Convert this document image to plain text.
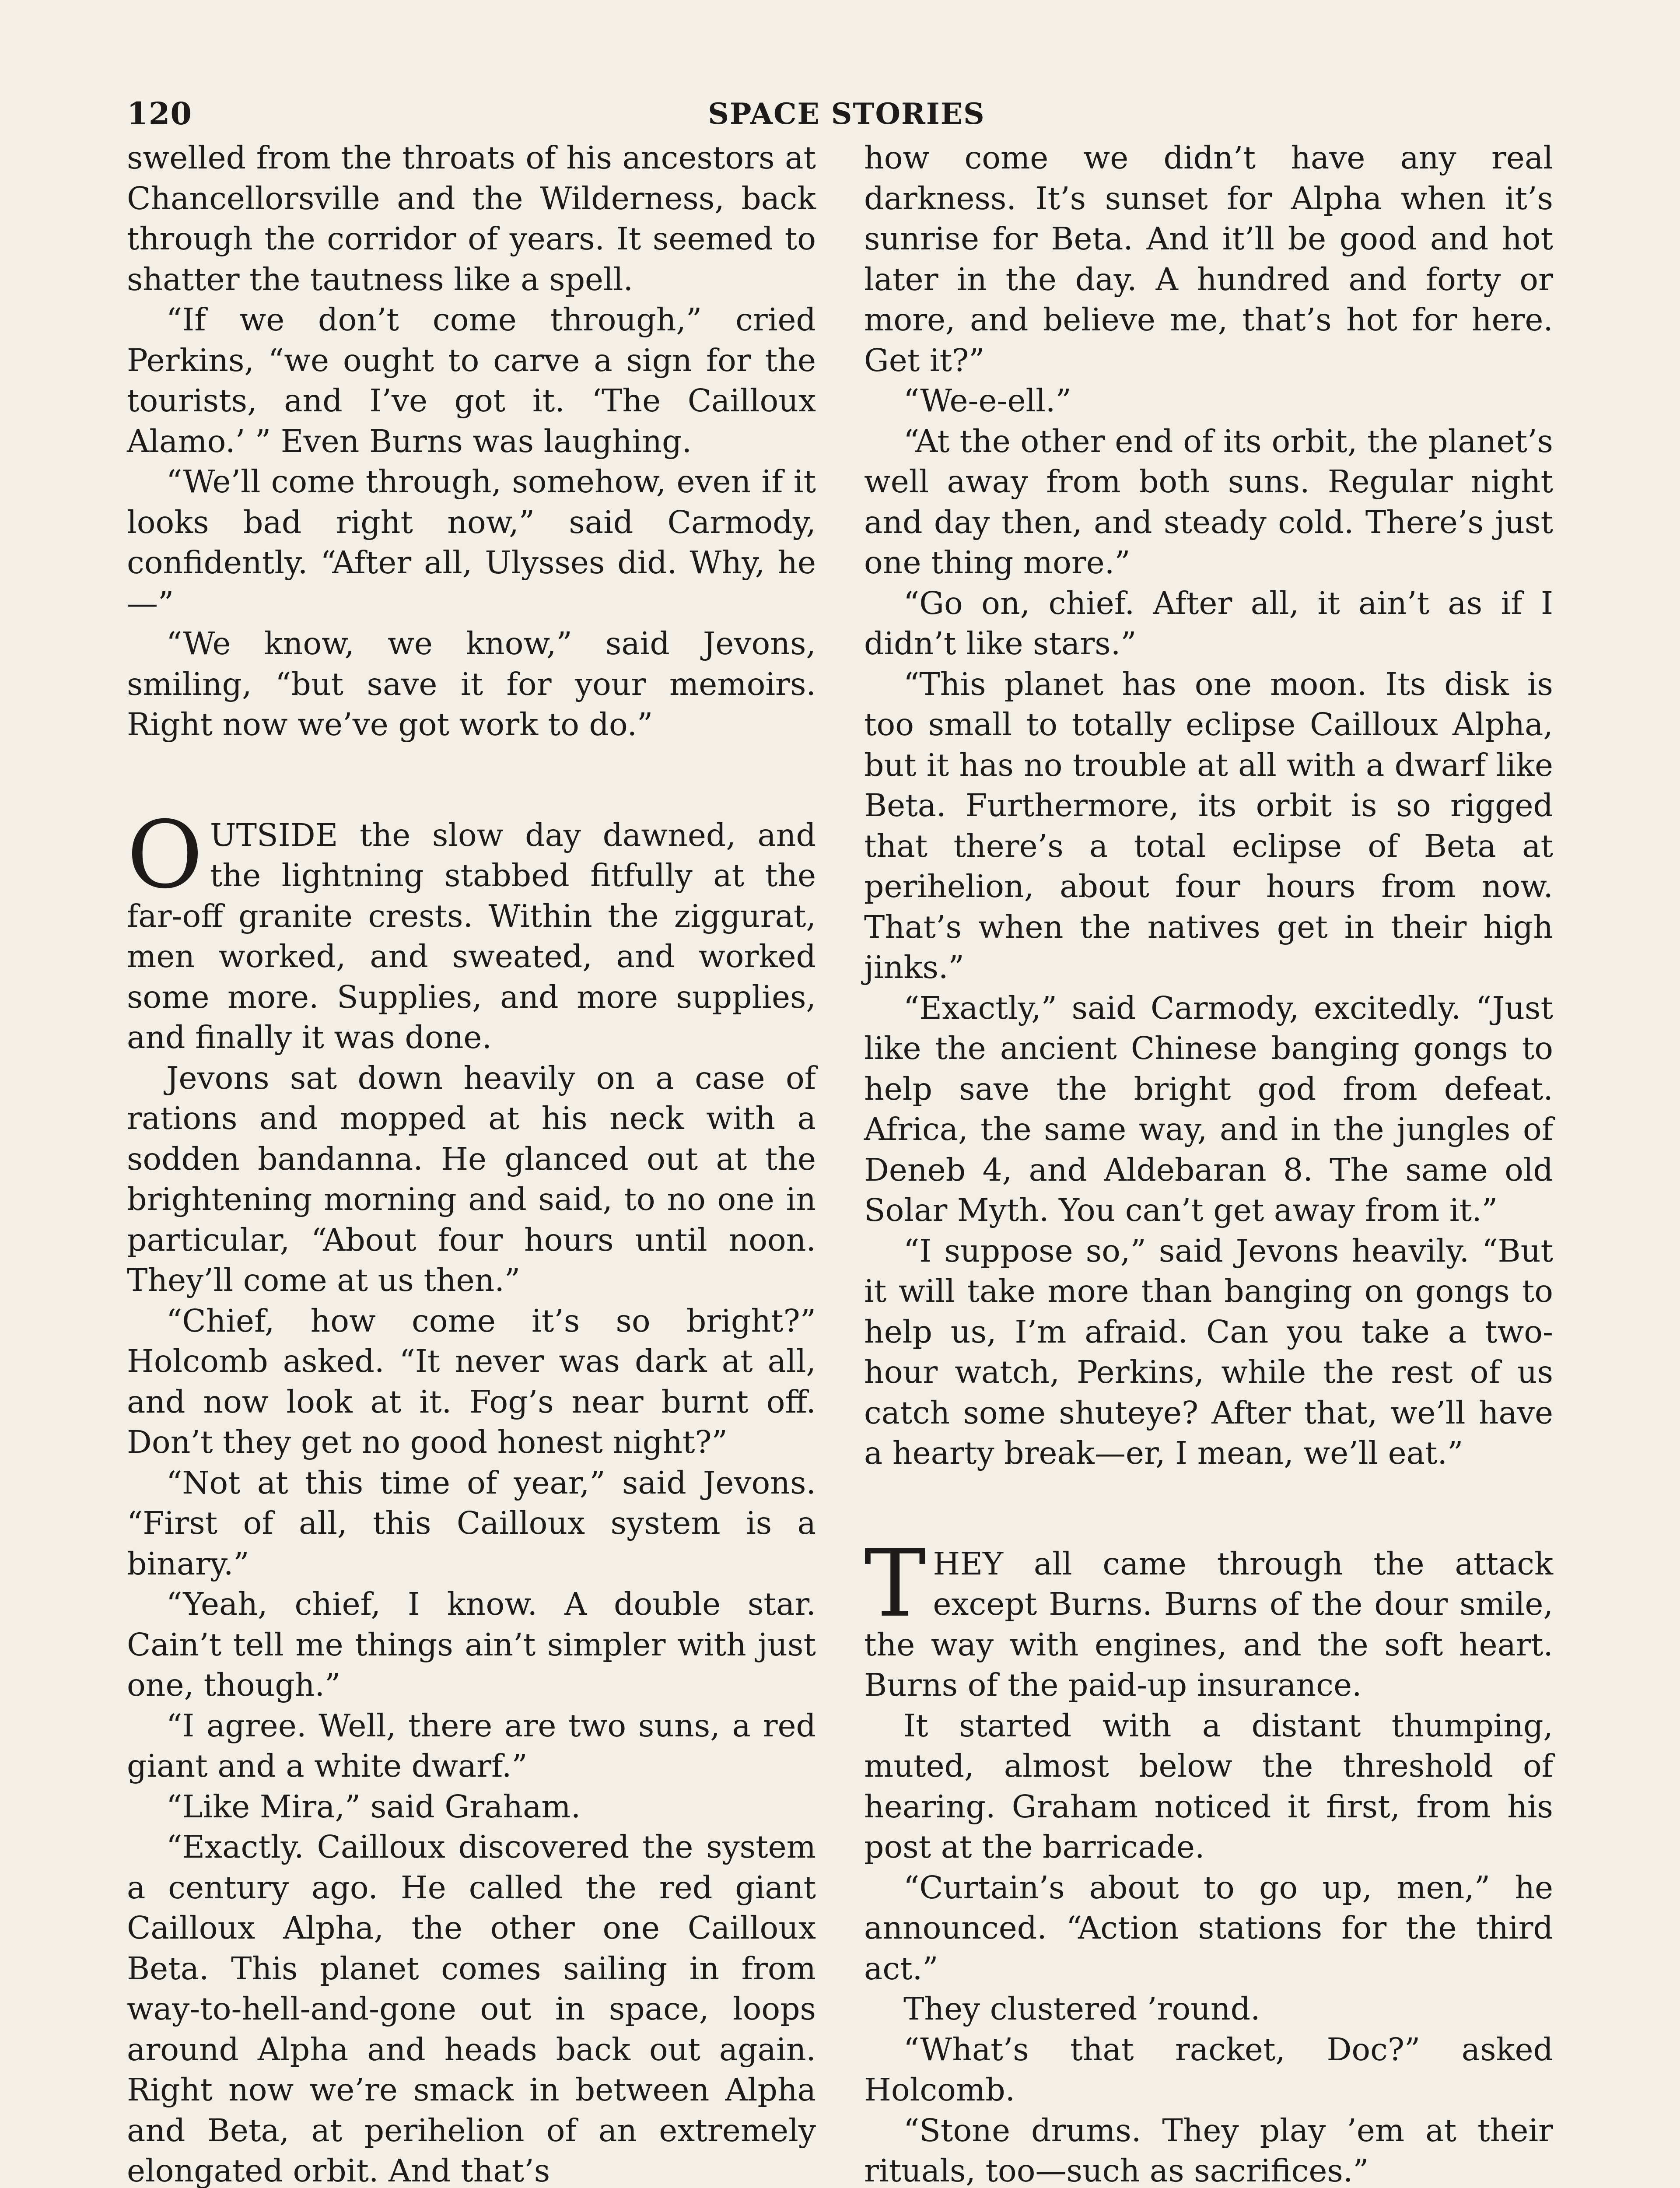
120	SPACE STORIES

swelled from the throats of his ancestors at Chancellorsville and the Wilderness, back through the corridor of years. It seemed to shatter the tautness like a spell.

“If we don’t come through,” cried Perkins, “we ought to carve a sign for the tourists, and I’ve got it. ‘The Cailloux Alamo.’ ” Even Burns was laughing.

“We’ll come through, somehow, even if it looks bad right now,” said Carmody, confidently. “After all, Ulysses did. Why, he—”

“We know, we know,” said Jevons, smiling, “but save it for your memoirs. Right now we’ve got work to do.”

OUTSIDE the slow day dawned, and the lightning stabbed fitfully at the far-off granite crests. Within the ziggurat, men worked, and sweated, and worked some more. Supplies, and more supplies, and finally it was done.

Jevons sat down heavily on a case of rations and mopped at his neck with a sodden bandanna. He glanced out at the brightening morning and said, to no one in particular, “About four hours until noon. They’ll come at us then.”

“Chief, how come it’s so bright?” Holcomb asked. “It never was dark at all, and now look at it. Fog’s near burnt off. Don’t they get no good honest night?”

“Not at this time of year,” said Jevons. “First of all, this Cailloux system is a binary.”

“Yeah, chief, I know. A double star. Cain’t tell me things ain’t simpler with just one, though.”

“I agree. Well, there are two suns, a red giant and a white dwarf.”

“Like Mira,” said Graham.

“Exactly. Cailloux discovered the system a century ago. He called the red giant Cailloux Alpha, the other one Cailloux Beta. This planet comes sailing in from way-to-hell-and-gone out in space, loops around Alpha and heads back out again. Right now we’re smack in between Alpha and Beta, at perihelion of an extremely elongated orbit. And that’s

how come we didn’t have any real darkness. It’s sunset for Alpha when it’s sunrise for Beta. And it’ll be good and hot later in the day. A hundred and forty or more, and believe me, that’s hot for here. Get it?”

“We-e-ell.”

“At the other end of its orbit, the planet’s well away from both suns. Regular night and day then, and steady cold. There’s just one thing more.”

“Go on, chief. After all, it ain’t as if I didn’t like stars.”

“This planet has one moon. Its disk is too small to totally eclipse Cailloux Alpha, but it has no trouble at all with a dwarf like Beta. Furthermore, its orbit is so rigged that there’s a total eclipse of Beta at perihelion, about four hours from now. That’s when the natives get in their high jinks.”

“Exactly,” said Carmody, excitedly. “Just like the ancient Chinese banging gongs to help save the bright god from defeat. Africa, the same way, and in the jungles of Deneb 4, and Aldebaran 8. The same old Solar Myth. You can’t get away from it.”

“I suppose so,” said Jevons heavily. “But it will take more than banging on gongs to help us, I’m afraid. Can you take a two-hour watch, Perkins, while the rest of us catch some shuteye? After that, we’ll have a hearty break—er, I mean, we’ll eat.”

THEY all came through the attack except Burns. Burns of the dour smile, the way with engines, and the soft heart. Burns of the paid-up insurance.

It started with a distant thumping, muted, almost below the threshold of hearing. Graham noticed it first, from his post at the barricade.

“Curtain’s about to go up, men,” he announced. “Action stations for the third act.”

They clustered ’round.

“What’s that racket, Doc?” asked Holcomb.

“Stone drums. They play ’em at their rituals, too—such as sacrifices.”
